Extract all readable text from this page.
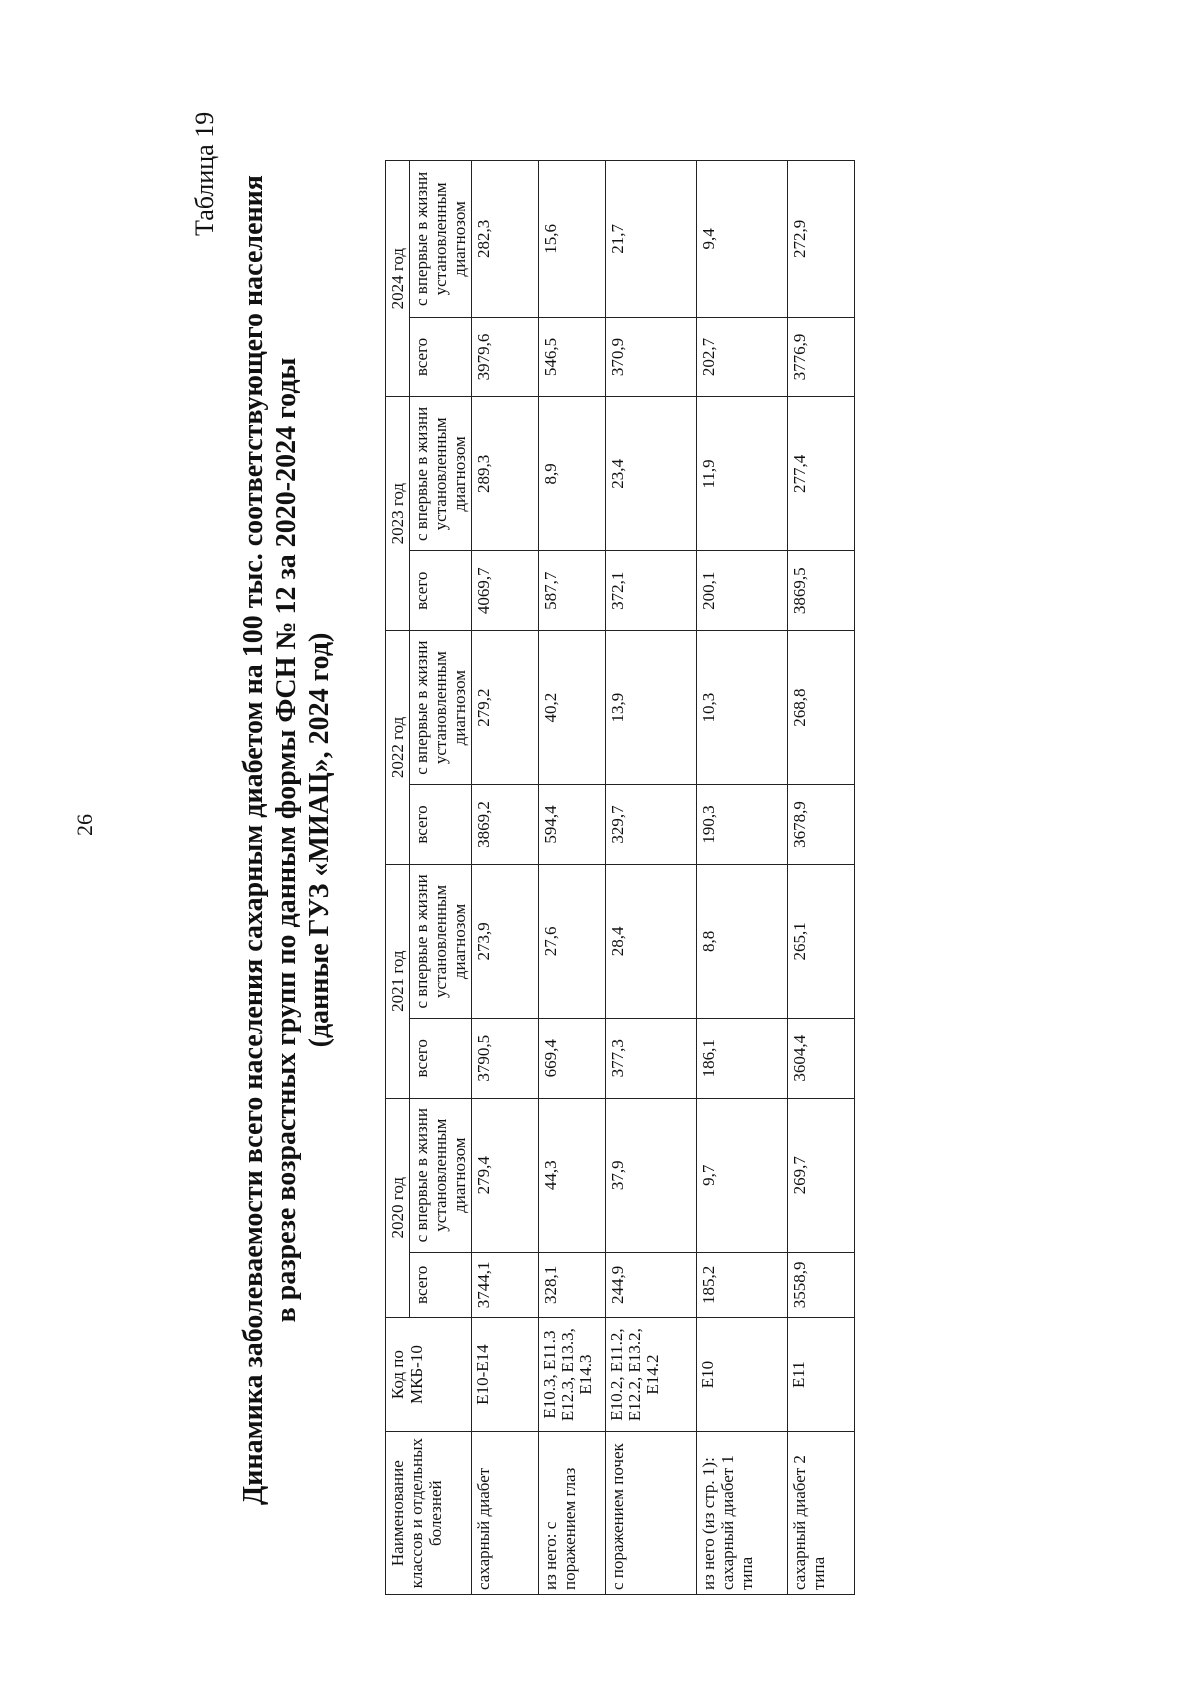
26
Таблица 19
Динамика заболеваемости всего населения сахарным диабетом на 100 тыс. соответствующего населения в разрезе возрастных групп по данным формы ФСН № 12 за 2020-2024 годы (данные ГУЗ «МИАЦ», 2024 год)
Наименование классов и отдельных болезней	Код по МКБ-10	2020 год		2021 год		2022 год		2023 год		2024 год	
		всего	с впервые в жизни установленным диагнозом	всего	с впервые в жизни установленным диагнозом	всего	с впервые в жизни установленным диагнозом	всего	с впервые в жизни установленным диагнозом	всего	с впервые в жизни установленным диагнозом
сахарный диабет	Е10-Е14	3744,1	279,4	3790,5	273,9	3869,2	279,2	4069,7	289,3	3979,6	282,3
из него: с поражением глаз	Е10.3, Е11.3 Е12.3, Е13.3, Е14.3	328,1	44,3	669,4	27,6	594,4	40,2	587,7	8,9	546,5	15,6
с поражением почек	Е10.2, Е11.2, Е12.2, Е13.2, Е14.2	244,9	37,9	377,3	28,4	329,7	13,9	372,1	23,4	370,9	21,7
из него (из стр. 1): сахарный диабет 1 типа	Е10	185,2	9,7	186,1	8,8	190,3	10,3	200,1	11,9	202,7	9,4
сахарный диабет 2 типа	Е11	3558,9	269,7	3604,4	265,1	3678,9	268,8	3869,5	277,4	3776,9	272,9
